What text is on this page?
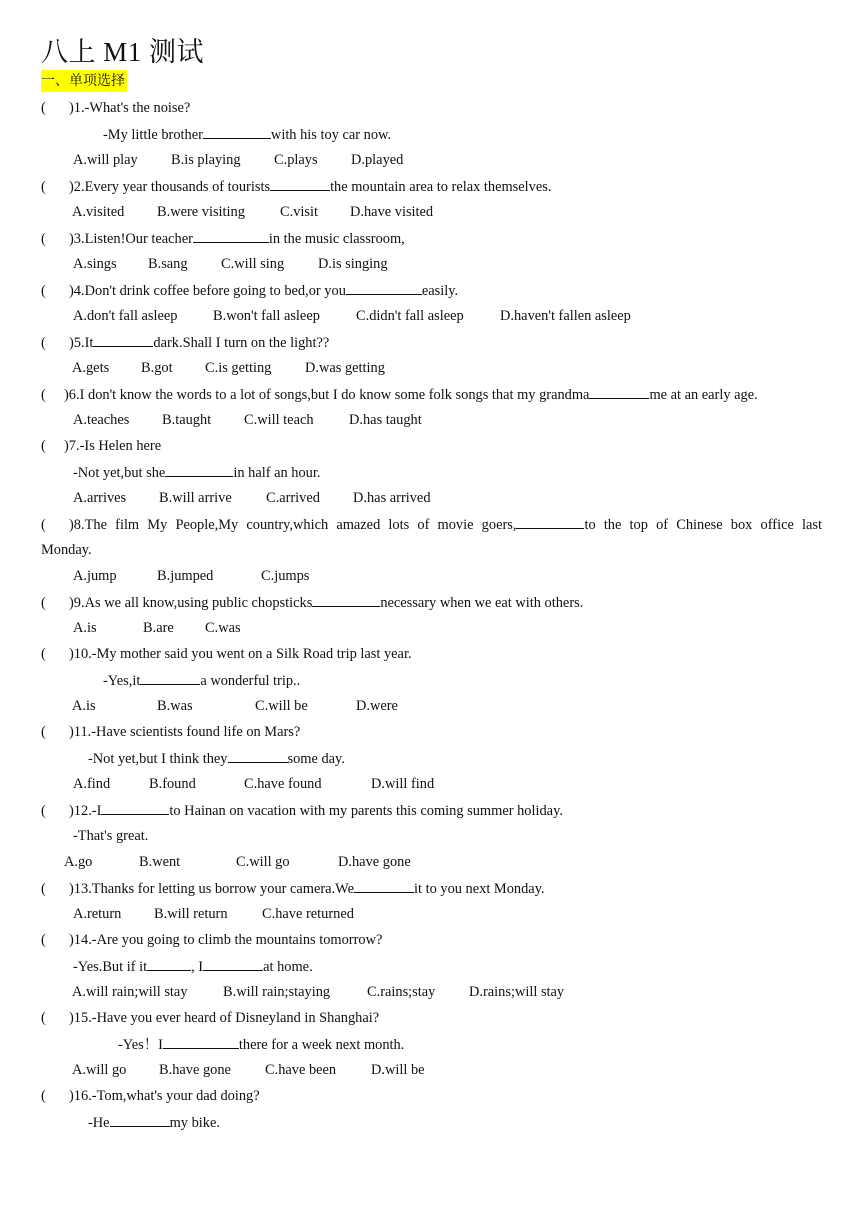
八上 M1 测试
一、单项选择
( )1.-What's the noise?
-My little brother	with his toy car now.
A.will play B.is playing C.plays D.played
( )2.Every year thousands of tourists	the mountain area to relax themselves.
A.visited B.were visiting C.visit D.have visited
( )3.Listen!Our teacher	in the music classroom,
A.sings B.sang C.will sing D.is singing
( )4.Don't drink coffee before going to bed,or you	easily.
A.don't fall asleep B.won't fall asleep	C.didn't fall asleep	D.haven't fallen asleep
( )5.It	dark.Shall I turn on the light??
A.gets B.got C.is getting D.was getting
( )6.I don't know the words to a lot of songs,but I do know some folk songs that my grandma	me at an early age.
A.teaches B.taught C.will teach D.has taught
( )7.-Is Helen here
-Not yet,but she	in half an hour.
A.arrives B.will arrive C.arrived D.has arrived
( )8.The film My People,My country,which amazed lots of movie goers,	to the top of Chinese box office last
Monday.
A.jump	B.jumped	C.jumps
( )9.As we all know,using public chopsticks	necessary when we eat with others.
A.is	B.are C.was
( )10.-My mother said you went on a Silk Road trip last year.
-Yes,it	a wonderful trip..
A.is	B.was	C.will be	D.were
( )11.-Have scientists found life on Mars?
-Not yet,but I think they	some day.
A.find	B.found	C.have found	D.will find
( )12.-I	to Hainan on vacation with my parents this coming summer holiday.
-That's great.
A.go	B.went	C.will go	D.have gone
( )13.Thanks for letting us borrow your camera.We	it to you next Monday.
A.return B.will return C.have returned
( )14.-Are you going to climb the mountains tomorrow?
-Yes.But if it	, I	at home.
A.will rain;will stay B.will rain;staying	C.rains;stay D.rains;will stay
( )15.-Have you ever heard of Disneyland in Shanghai?
-Yes！I	there for a week next month.
A.will go B.have gone C.have been D.will be
( )16.-Tom,what's your dad doing?
-He	my bike.
